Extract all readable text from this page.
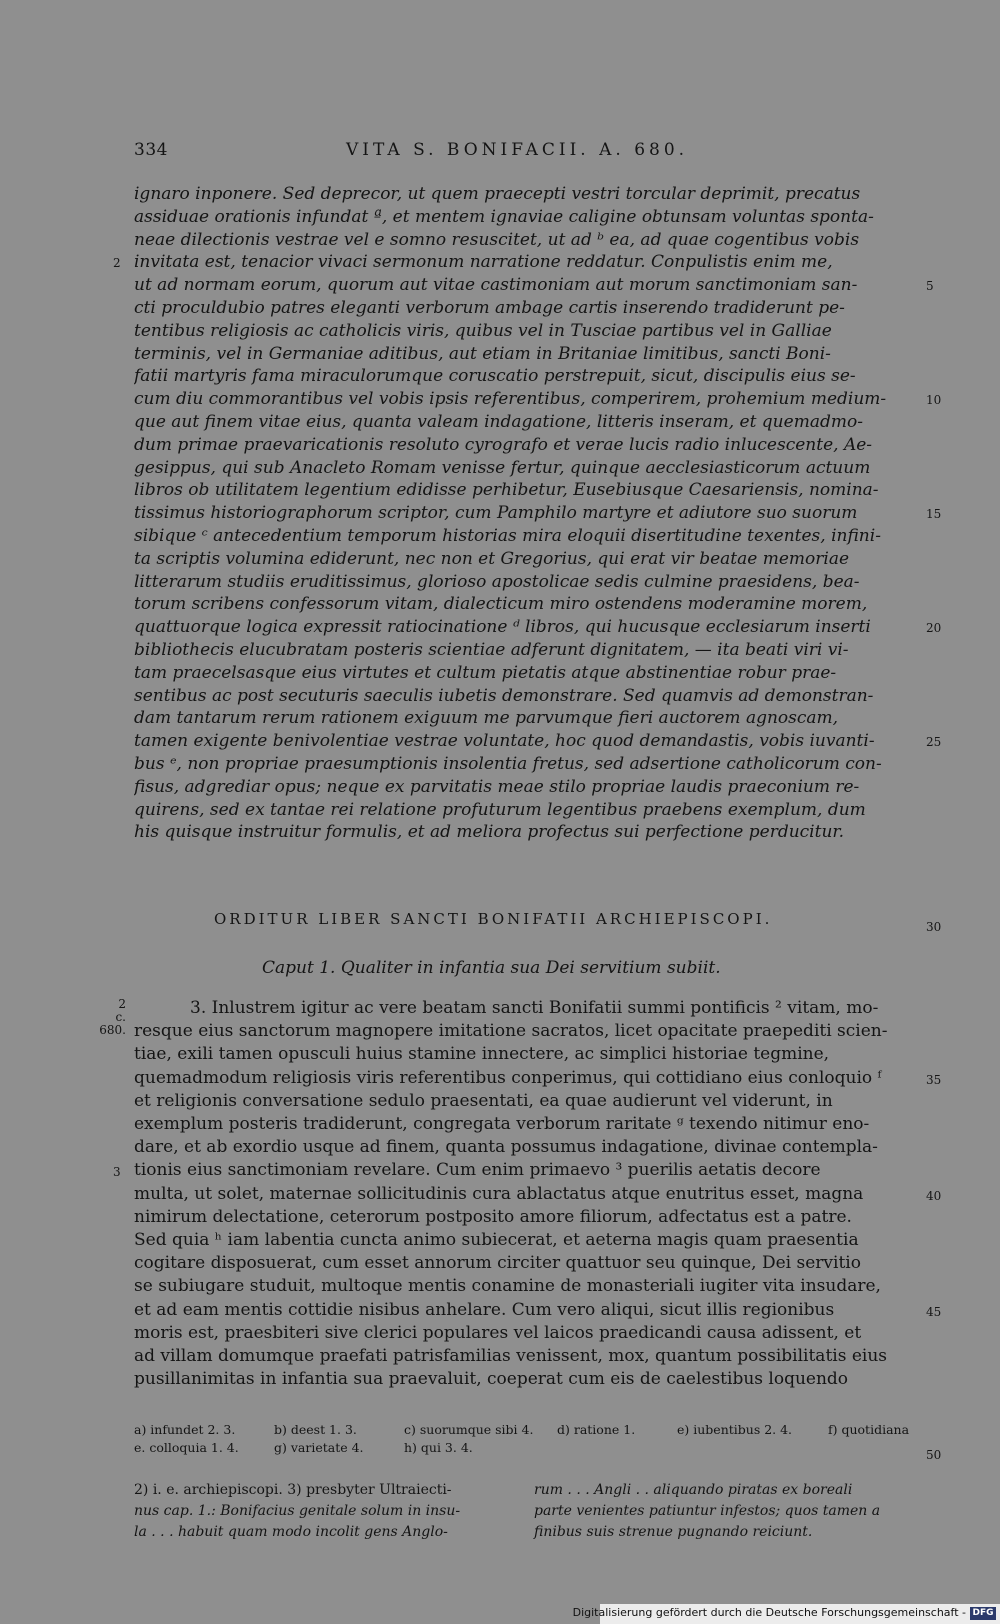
334	VITA S. BONIFACII. A. 680.
ignaro inponere. Sed deprecor, ut quem praecepti vestri torcular deprimit, precatus
assiduae orationis infundat ª, et mentem ignaviae caligine obtunsam voluntas sponta-
neae dilectionis vestrae vel e somno resuscitet, ut ad ᵇ ea, ad quae cogentibus vobis
invitata est, tenacior vivaci sermonum narratione reddatur. Conpulistis enim me,
ut ad normam eorum, quorum aut vitae castimoniam aut morum sanctimoniam san-
cti proculdubio patres eleganti verborum ambage cartis inserendo tradiderunt pe-
tentibus religiosis ac catholicis viris, quibus vel in Tusciae partibus vel in Galliae
terminis, vel in Germaniae aditibus, aut etiam in Britaniae limitibus, sancti Boni-
fatii martyris fama miraculorumque coruscatio perstrepuit, sicut, discipulis eius se-
cum diu commorantibus vel vobis ipsis referentibus, comperirem, prohemium medium-
que aut finem vitae eius, quanta valeam indagatione, litteris inseram, et quemadmo-
dum primae praevaricationis resoluto cyrografo et verae lucis radio inlucescente, Ae-
gesippus, qui sub Anacleto Romam venisse fertur, quinque aecclesiasticorum actuum
libros ob utilitatem legentium edidisse perhibetur, Eusebiusque Caesariensis, nomina-
tissimus historiographorum scriptor, cum Pamphilo martyre et adiutore suo suorum
sibique ᶜ antecedentium temporum historias mira eloquii disertitudine texentes, infini-
ta scriptis volumina ediderunt, nec non et Gregorius, qui erat vir beatae memoriae
litterarum studiis eruditissimus, glorioso apostolicae sedis culmine praesidens, bea-
torum scribens confessorum vitam, dialecticum miro ostendens moderamine morem,
quattuorque logica expressit ratiocinatione ᵈ libros, qui hucusque ecclesiarum inserti
bibliothecis elucubratam posteris scientiae adferunt dignitatem, — ita beati viri vi-
tam praecelsasque eius virtutes et cultum pietatis atque abstinentiae robur prae-
sentibus ac post secuturis saeculis iubetis demonstrare. Sed quamvis ad demonstran-
dam tantarum rerum rationem exiguum me parvumque fieri auctorem agnoscam,
tamen exigente benivolentiae vestrae voluntate, hoc quod demandastis, vobis iuvanti-
bus ᵉ, non propriae praesumptionis insolentia fretus, sed adsertione catholicorum con-
fisus, adgrediar opus; neque ex parvitatis meae stilo propriae laudis praeconium re-
quirens, sed ex tantae rei relatione profuturum legentibus praebens exemplum, dum
his quisque instruitur formulis, et ad meliora profectus sui perfectione perducitur.
5
10
15
20
25
2
ORDITUR LIBER SANCTI BONIFATII ARCHIEPISCOPI.	30
Caput 1. Qualiter in infantia sua Dei servitium subiit.
2
c. 680.
3. Inlustrem igitur ac vere beatam sancti Bonifatii summi pontificis ² vitam, mo-
resque eius sanctorum magnopere imitatione sacratos, licet opacitate praepediti scien-
tiae, exili tamen opusculi huius stamine innectere, ac simplici historiae tegmine,
quemadmodum religiosis viris referentibus conperimus, qui cottidiano eius conloquio ᶠ
et religionis conversatione sedulo praesentati, ea quae audierunt vel viderunt, in
exemplum posteris tradiderunt, congregata verborum raritate ᵍ texendo nitimur eno-
dare, et ab exordio usque ad finem, quanta possumus indagatione, divinae contempla-
tionis eius sanctimoniam revelare. Cum enim primaevo ³ puerilis aetatis decore
multa, ut solet, maternae sollicitudinis cura ablactatus atque enutritus esset, magna
nimirum delectatione, ceterorum postposito amore filiorum, adfectatus est a patre.
Sed quia ʰ iam labentia cuncta animo subiecerat, et aeterna magis quam praesentia
cogitare disposuerat, cum esset annorum circiter quattuor seu quinque, Dei servitio
se subiugare studuit, multoque mentis conamine de monasteriali iugiter vita insudare,
et ad eam mentis cottidie nisibus anhelare. Cum vero aliqui, sicut illis regionibus
moris est, praesbiteri sive clerici populares vel laicos praedicandi causa adissent, et
ad villam domumque praefati patrisfamilias venissent, mox, quantum possibilitatis eius
pusillanimitas in infantia sua praevaluit, coeperat cum eis de caelestibus loquendo
35
40
45
3
a) infundet 2. 3.	b) deest 1. 3.	c) suorumque sibi 4. d) ratione 1.	e) iubentibus 2. 4.	f) quotidiana
e. colloquia 1. 4.	g) varietate 4.	h) qui 3. 4.	50
2) i. e. archiepiscopi. 3) presbyter Ultraiecti-
nus cap. 1.: Bonifacius genitale solum in insu-
la . . . habuit quam modo incolit gens Anglo-
rum . . . Angli . . aliquando piratas ex boreali
parte venientes patiuntur infestos; quos tamen a
finibus suis strenue pugnando reiciunt.
Digitalisierung gefördert durch die Deutsche Forschungsgemeinschaft - DFG
